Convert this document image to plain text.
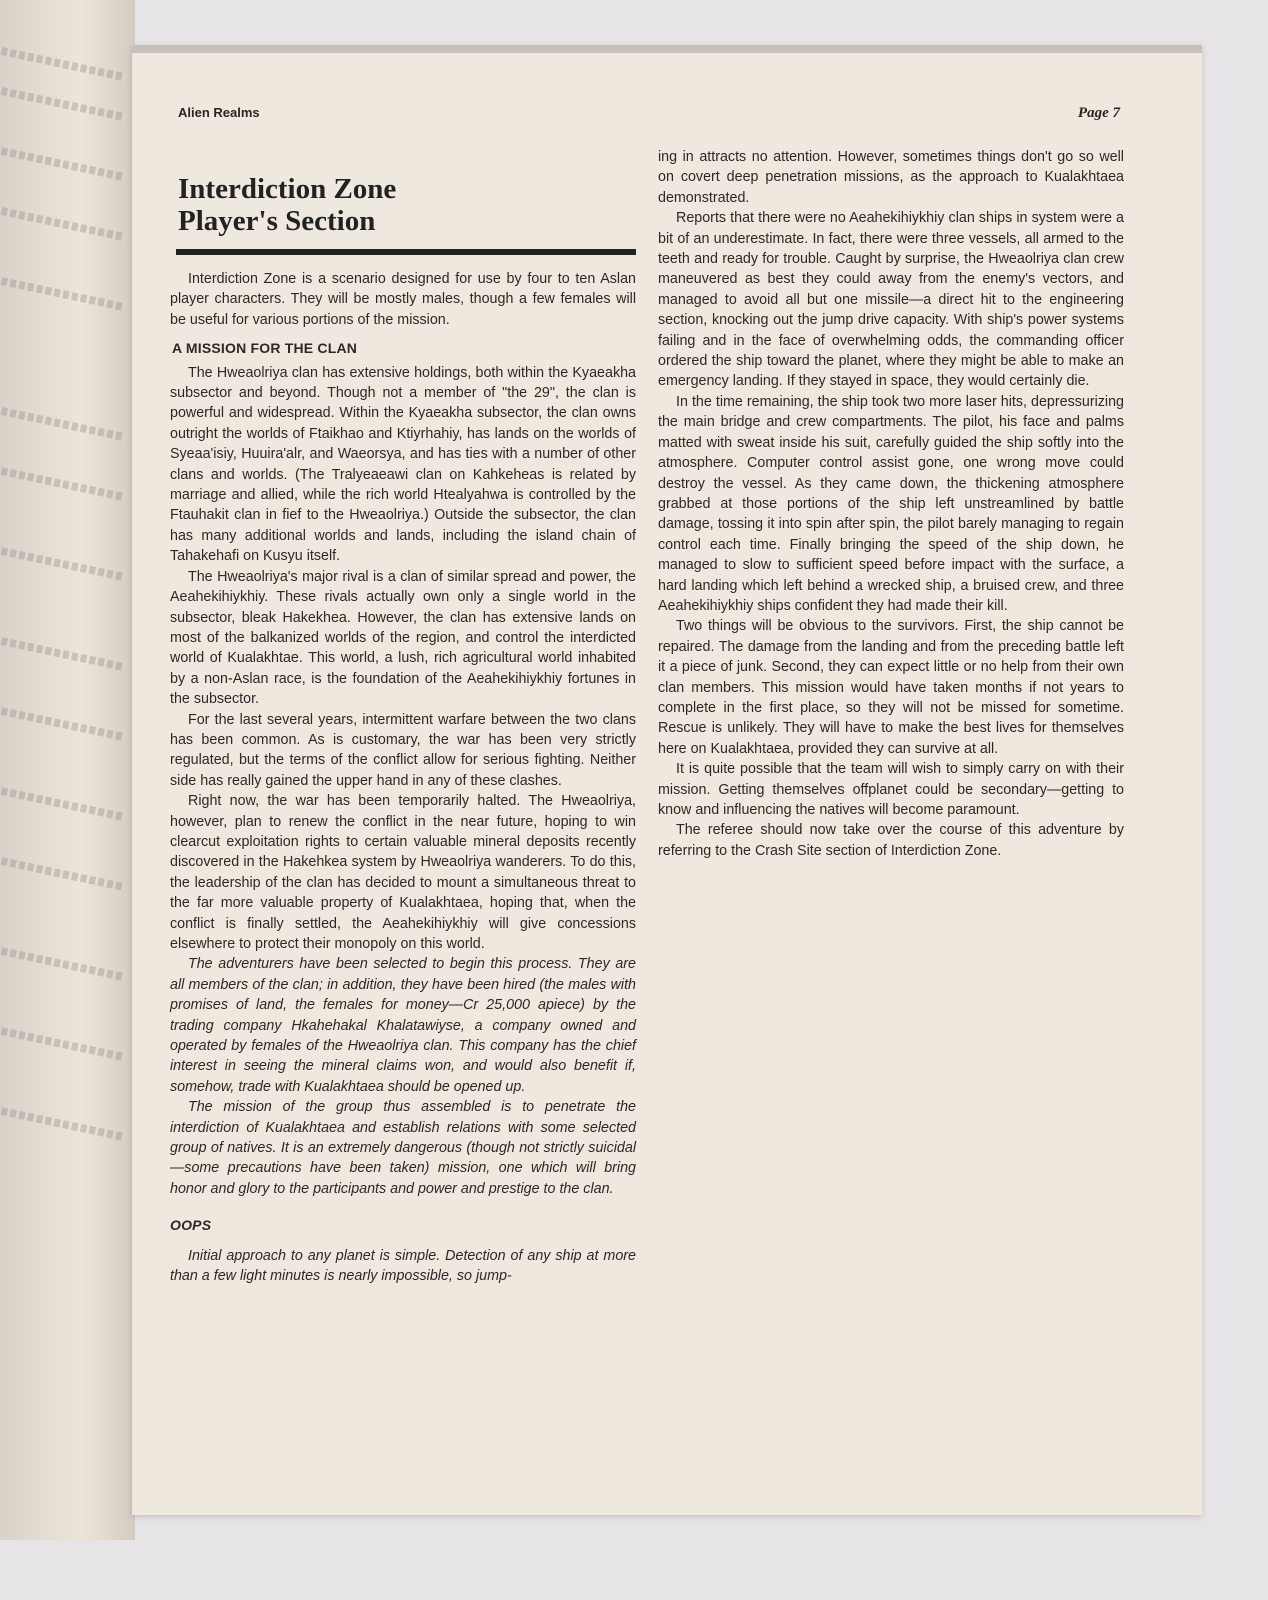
Alien Realms	Page 7
Interdiction Zone
Player's Section

Interdiction Zone is a scenario designed for use by four to ten Aslan player characters. They will be mostly males, though a few females will be useful for various portions of the mission.

A MISSION FOR THE CLAN

The Hweaolriya clan has extensive holdings, both within the Kyaeakha subsector and beyond. Though not a member of "the 29", the clan is powerful and widespread. Within the Kyaeakha subsector, the clan owns outright the worlds of Ftaikhao and Ktiyrhahiy, has lands on the worlds of Syeaa'isiy, Huuira'alr, and Waeorsya, and has ties with a number of other clans and worlds. (The Tralyeaeawi clan on Kahkeheas is related by marriage and allied, while the rich world Htealyahwa is controlled by the Ftauhakit clan in fief to the Hweaolriya.) Outside the subsector, the clan has many additional worlds and lands, including the island chain of Tahakehafi on Kusyu itself.

The Hweaolriya's major rival is a clan of similar spread and power, the Aeahekihiykhiy. These rivals actually own only a single world in the subsector, bleak Hakekhea. However, the clan has extensive lands on most of the balkanized worlds of the region, and control the interdicted world of Kualakhtae. This world, a lush, rich agricultural world inhabited by a non-Aslan race, is the foundation of the Aeahekihiykhiy fortunes in the subsector.

For the last several years, intermittent warfare between the two clans has been common. As is customary, the war has been very strictly regulated, but the terms of the conflict allow for serious fighting. Neither side has really gained the upper hand in any of these clashes.

Right now, the war has been temporarily halted. The Hweaolriya, however, plan to renew the conflict in the near future, hoping to win clearcut exploitation rights to certain valuable mineral deposits recently discovered in the Hakehkea system by Hweaolriya wanderers. To do this, the leadership of the clan has decided to mount a simultaneous threat to the far more valuable property of Kualakhtaea, hoping that, when the conflict is finally settled, the Aeahekihiykhiy will give concessions elsewhere to protect their monopoly on this world.

The adventurers have been selected to begin this process. They are all members of the clan; in addition, they have been hired (the males with promises of land, the females for money—Cr 25,000 apiece) by the trading company Hkahehakal Khalatawiyse, a company owned and operated by females of the Hweaolriya clan. This company has the chief interest in seeing the mineral claims won, and would also benefit if, somehow, trade with Kualakhtaea should be opened up.

The mission of the group thus assembled is to penetrate the interdiction of Kualakhtaea and establish relations with some selected group of natives. It is an extremely dangerous (though not strictly suicidal—some precautions have been taken) mission, one which will bring honor and glory to the participants and power and prestige to the clan.

OOPS

Initial approach to any planet is simple. Detection of any ship at more than a few light minutes is nearly impossible, so jump-

ing in attracts no attention. However, sometimes things don't go so well on covert deep penetration missions, as the approach to Kualakhtaea demonstrated.

Reports that there were no Aeahekihiykhiy clan ships in system were a bit of an underestimate. In fact, there were three vessels, all armed to the teeth and ready for trouble. Caught by surprise, the Hweaolriya clan crew maneuvered as best they could away from the enemy's vectors, and managed to avoid all but one missile—a direct hit to the engineering section, knocking out the jump drive capacity. With ship's power systems failing and in the face of overwhelming odds, the commanding officer ordered the ship toward the planet, where they might be able to make an emergency landing. If they stayed in space, they would certainly die.

In the time remaining, the ship took two more laser hits, depressurizing the main bridge and crew compartments. The pilot, his face and palms matted with sweat inside his suit, carefully guided the ship softly into the atmosphere. Computer control assist gone, one wrong move could destroy the vessel. As they came down, the thickening atmosphere grabbed at those portions of the ship left unstreamlined by battle damage, tossing it into spin after spin, the pilot barely managing to regain control each time. Finally bringing the speed of the ship down, he managed to slow to sufficient speed before impact with the surface, a hard landing which left behind a wrecked ship, a bruised crew, and three Aeahekihiykhiy ships confident they had made their kill.

Two things will be obvious to the survivors. First, the ship cannot be repaired. The damage from the landing and from the preceding battle left it a piece of junk. Second, they can expect little or no help from their own clan members. This mission would have taken months if not years to complete in the first place, so they will not be missed for sometime. Rescue is unlikely. They will have to make the best lives for themselves here on Kualakhtaea, provided they can survive at all.

It is quite possible that the team will wish to simply carry on with their mission. Getting themselves offplanet could be secondary—getting to know and influencing the natives will become paramount.

The referee should now take over the course of this adventure by referring to the Crash Site section of Interdiction Zone.
